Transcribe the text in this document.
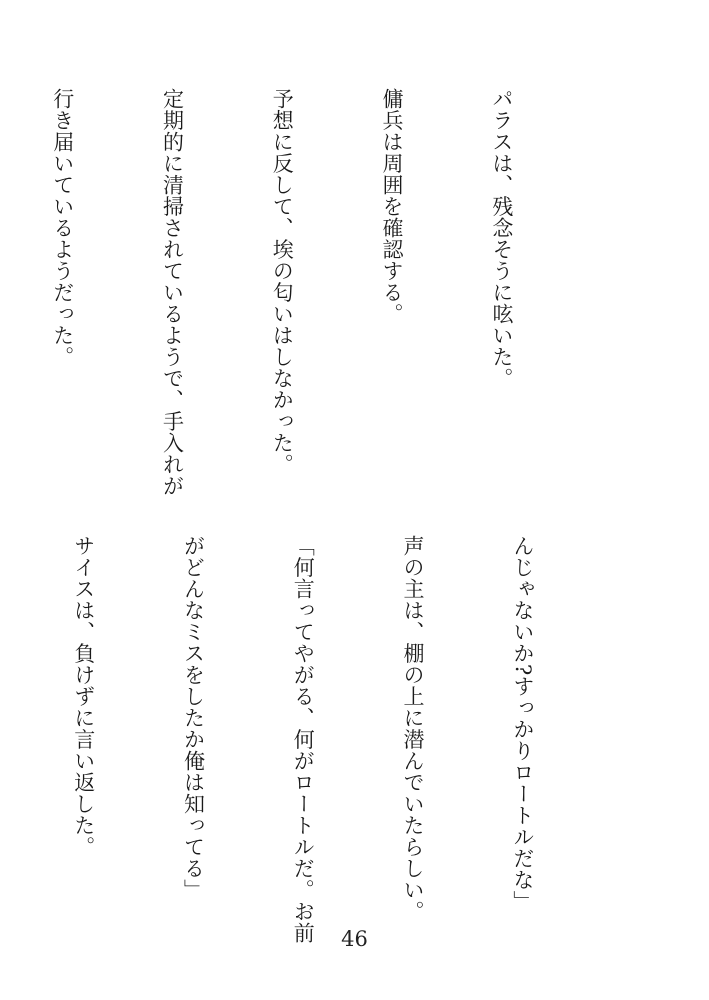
パラスは、残念そうに呟いた。

傭兵は周囲を確認する。

予想に反して、埃の匂いはしなかった。

定期的に清掃されているようで、手入れが

行き届いているようだった。

んじゃないか?すっかりロートルだな」

声の主は、棚の上に潜んでいたらしい。

「何言ってやがる、何がロートルだ。お前

がどんなミスをしたか俺は知ってる」

サイスは、負けずに言い返した。

46
